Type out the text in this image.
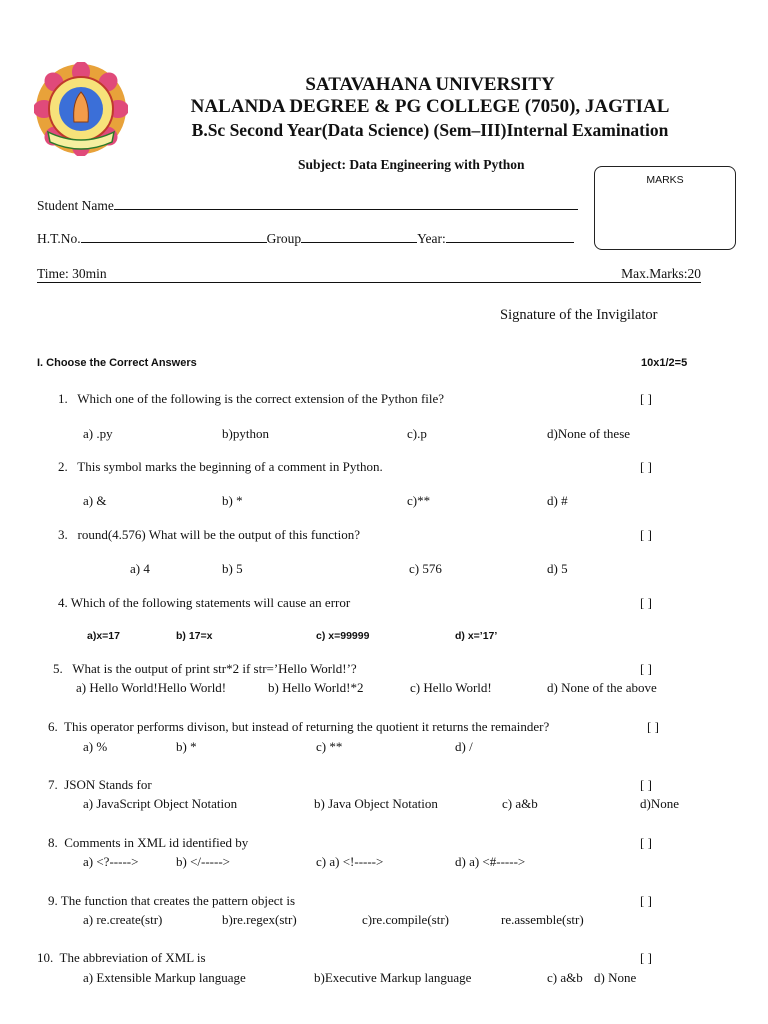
SATAVAHANA UNIVERSITY
NALANDA DEGREE & PG COLLEGE (7050), JAGTIAL
B.Sc Second Year(Data Science) (Sem–III)Internal Examination
Subject: Data Engineering with Python
MARKS
Student Name
H.T.No.	Group	Year:
Time: 30min	Max.Marks:20
Signature of the Invigilator
I. Choose the Correct Answers	10x1/2=5
1. Which one of the following is the correct extension of the Python file?	[ ]
a) .py	b)python	c).p	d)None of these
2. This symbol marks the beginning of a comment in Python.	[ ]
a) &	b) *	c)**	d) #
3. round(4.576) What will be the output of this function?	[ ]
a) 4	b) 5	c) 576	d) 5
4. Which of the following statements will cause an error	[ ]
a)x=17	b) 17=x	c) x=99999	d) x=’17’
5. What is the output of print str*2 if str=’Hello World!’?	[ ]
a) Hello World!Hello World!	b) Hello World!*2	c) Hello World!	d) None of the above
6. This operator performs divison, but instead of returning the quotient it returns the remainder?	[ ]
a) %	b) *	c) **	d) /
7. JSON Stands for	[ ]
a) JavaScript Object Notation	b) Java Object Notation	c) a&b	d)None
8. Comments in XML id identified by	[ ]
a) <?----->	b) </----->	c) a) <!----->	d) a) <#----->
9. The function that creates the pattern object is	[ ]
a) re.create(str)	b)re.regex(str)	c)re.compile(str)	re.assemble(str)
10. The abbreviation of XML is	[ ]
a) Extensible Markup language	b)Executive Markup language	c) a&b d) None
